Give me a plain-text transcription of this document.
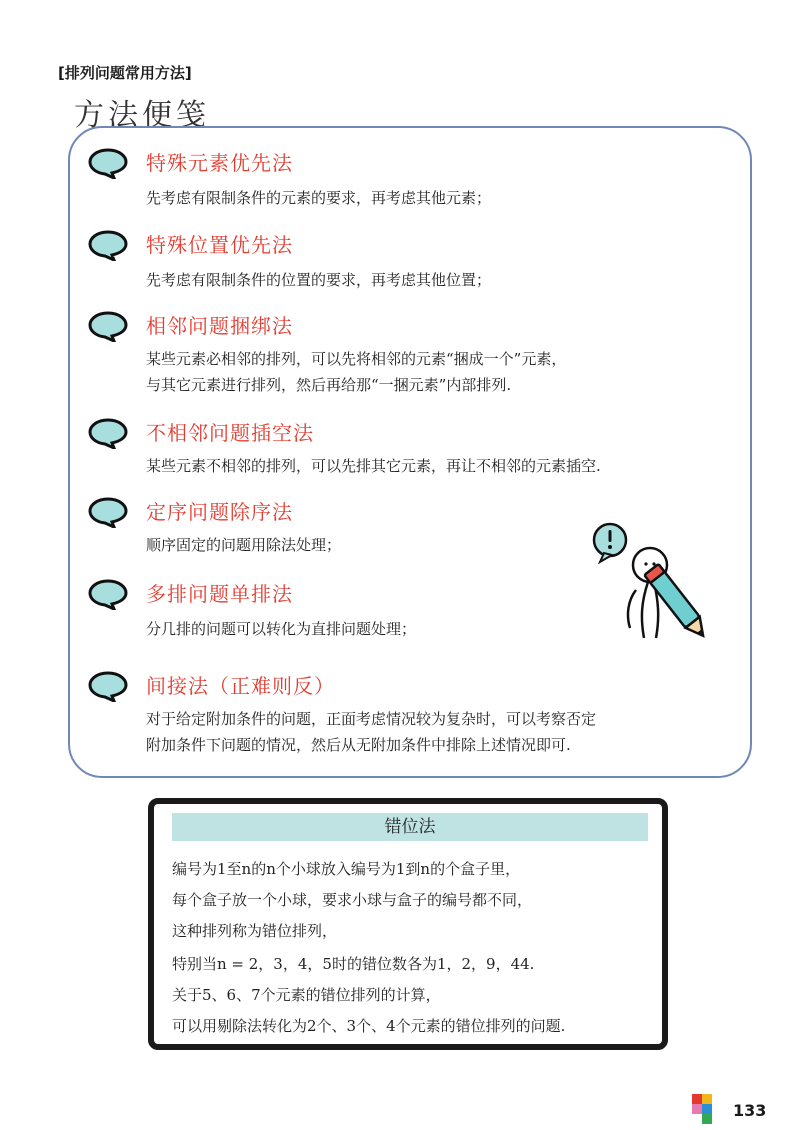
[排列问题常用方法]
方法便笺
特殊元素优先法
先考虑有限制条件的元素的要求，再考虑其他元素；
特殊位置优先法
先考虑有限制条件的位置的要求，再考虑其他位置；
相邻问题捆绑法
某些元素必相邻的排列，可以先将相邻的元素“捆成一个”元素，
与其它元素进行排列，然后再给那“一捆元素”内部排列.
不相邻问题插空法
某些元素不相邻的排列，可以先排其它元素，再让不相邻的元素插空.
定序问题除序法
顺序固定的问题用除法处理；
多排问题单排法
分几排的问题可以转化为直排问题处理；
间接法（正难则反）
对于给定附加条件的问题，正面考虑情况较为复杂时，可以考察否定
附加条件下问题的情况，然后从无附加条件中排除上述情况即可.
错位法
编号为1至n的n个小球放入编号为1到n的个盒子里，
每个盒子放一个小球，要求小球与盒子的编号都不同，
这种排列称为错位排列，
特别当n = 2，3，4，5时的错位数各为1，2，9，44.
关于5、6、7个元素的错位排列的计算，
可以用剔除法转化为2个、3个、4个元素的错位排列的问题.
133
